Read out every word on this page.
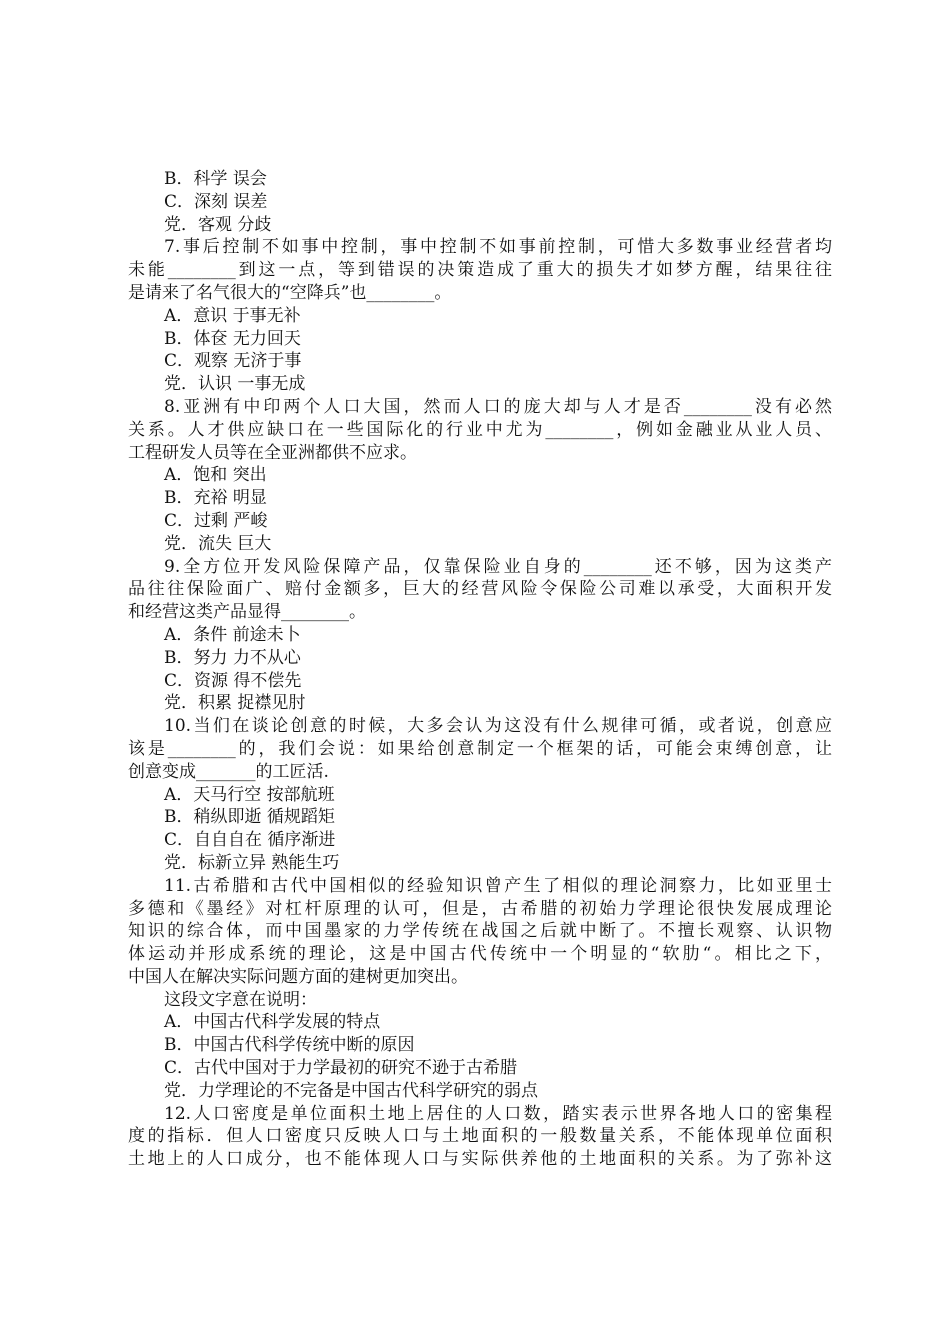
B．科学 误会
C．深刻 误差
党．客观 分歧
7.事后控制不如事中控制，事中控制不如事前控制，可惜大多数事业经营者均
未能________到这一点，等到错误的决策造成了重大的损失才如梦方醒，结果往往
是请来了名气很大的“空降兵”也________。
A．意识 于事无补
B．体奁 无力回天
C．观察 无济于事
党．认识 一事无成
8.亚洲有中印两个人口大国，然而人口的庞大却与人才是否________没有必然
关系。人才供应缺口在一些国际化的行业中尤为________，例如金融业从业人员、
工程研发人员等在全亚洲都供不应求。
A．饱和 突出
B．充裕 明显
C．过剩 严峻
党．流失 巨大
9.全方位开发风险保障产品，仅靠保险业自身的________还不够，因为这类产
品往往保险面广、赔付金额多，巨大的经营风险令保险公司难以承受，大面积开发
和经营这类产品显得________。
A．条件 前途未卜
B．努力 力不从心
C．资源 得不偿先
党．积累 捉襟见肘
10.当们在谈论创意的时候，大多会认为这没有什么规律可循，或者说，创意应
该是________的，我们会说：如果给创意制定一个框架的话，可能会束缚创意，让
创意变成_______的工匠活.
A．天马行空 按部航班
B．稍纵即逝 循规蹈矩
C．自自自在 循序渐进
党．标新立异 熟能生巧
11.古希腊和古代中国相似的经验知识曾产生了相似的理论洞察力，比如亚里士
多德和《墨经》对杠杆原理的认可，但是，古希腊的初始力学理论很快发展成理论
知识的综合体，而中国墨家的力学传统在战国之后就中断了。不擅长观察、认识物
体运动并形成系统的理论，这是中国古代传统中一个明显的“软肋“。相比之下，
中国人在解决实际问题方面的建树更加突出。
这段文字意在说明：
A．中国古代科学发展的特点
B．中国古代科学传统中断的原因
C．古代中国对于力学最初的研究不逊于古希腊
党．力学理论的不完备是中国古代科学研究的弱点
12.人口密度是单位面积土地上居住的人口数，踏实表示世界各地人口的密集程
度的指标．但人口密度只反映人口与土地面积的一般数量关系，不能体现单位面积
土地上的人口成分，也不能体现人口与实际供养他的土地面积的关系。为了弥补这
